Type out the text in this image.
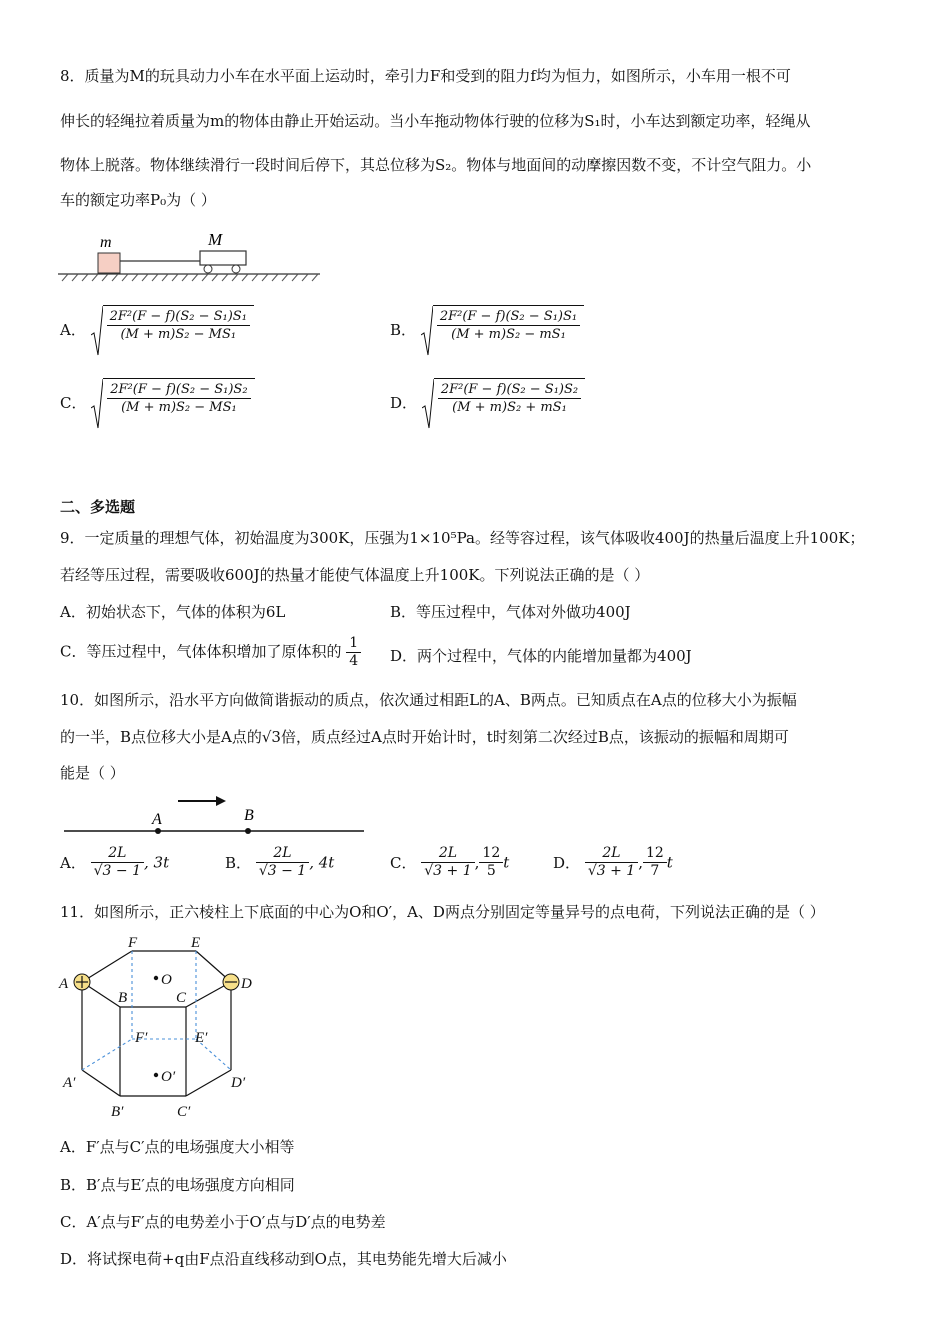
8．质量为M的玩具动力小车在水平面上运动时，牵引力F和受到的阻力f均为恒力，如图所示，小车用一根不可
伸长的轻绳拉着质量为m的物体由静止开始运动。当小车拖动物体行驶的位移为S₁时，小车达到额定功率，轻绳从
物体上脱落。物体继续滑行一段时间后停下，其总位移为S₂。物体与地面间的动摩擦因数不变，不计空气阻力。小
车的额定功率P₀为（ ）
m	M
A． $\frac{\text{2F²(F − f)(S₂ − S₁)S₁}}{\text{(M + m)S₂ − MS₁}}$	B． $\frac{\text{2F²(F − f)(S₂ − S₁)S₁}}{\text{(M + m)S₂ − mS₁}}$
C． $\frac{\text{2F²(F − f)(S₂ − S₁)S₂}}{\text{(M + m)S₂ − MS₁}}$	D． $\frac{\text{2F²(F − f)(S₂ − S₁)S₂}}{\text{(M + m)S₂ + mS₁}}$
二、多选题
9．一定质量的理想气体，初始温度为300K，压强为1×10⁵Pa。经等容过程，该气体吸收400J的热量后温度上升100K；
若经等压过程，需要吸收600J的热量才能使气体温度上升100K。下列说法正确的是（ ）
A．初始状态下，气体的体积为6L	B．等压过程中，气体对外做功400J
C．等压过程中，气体体积增加了原体积的 $\frac{1}{4}$ D．两个过程中，气体的内能增加量都为400J
10．如图所示，沿水平方向做简谐振动的质点，依次通过相距L的A、B两点。已知质点在A点的位移大小为振幅
的一半，B点位移大小是A点的√3倍，质点经过A点时开始计时，t时刻第二次经过B点，该振动的振幅和周期可
能是（ ）
A	B
A． $\frac{2L}{√3 - 1}$ , 3t	B． $\frac{2L}{√3 - 1}$ , 4t	C． $\frac{2L}{√3 + 1}$ , $\frac{12}{5}$ t	D． $\frac{2L}{√3 + 1}$ , $\frac{12}{7}$ t
11．如图所示，正六棱柱上下底面的中心为O和O′，A、D两点分别固定等量异号的点电荷，下列说法正确的是（ ）
A
B	C
D
E
F
O
A′
B′	C′
D′
E′
F′
O′
A．F′点与C′点的电场强度大小相等
B．B′点与E′点的电场强度方向相同
C．A′点与F′点的电势差小于O′点与D′点的电势差
D．将试探电荷+q由F点沿直线移动到O点，其电势能先增大后减小
